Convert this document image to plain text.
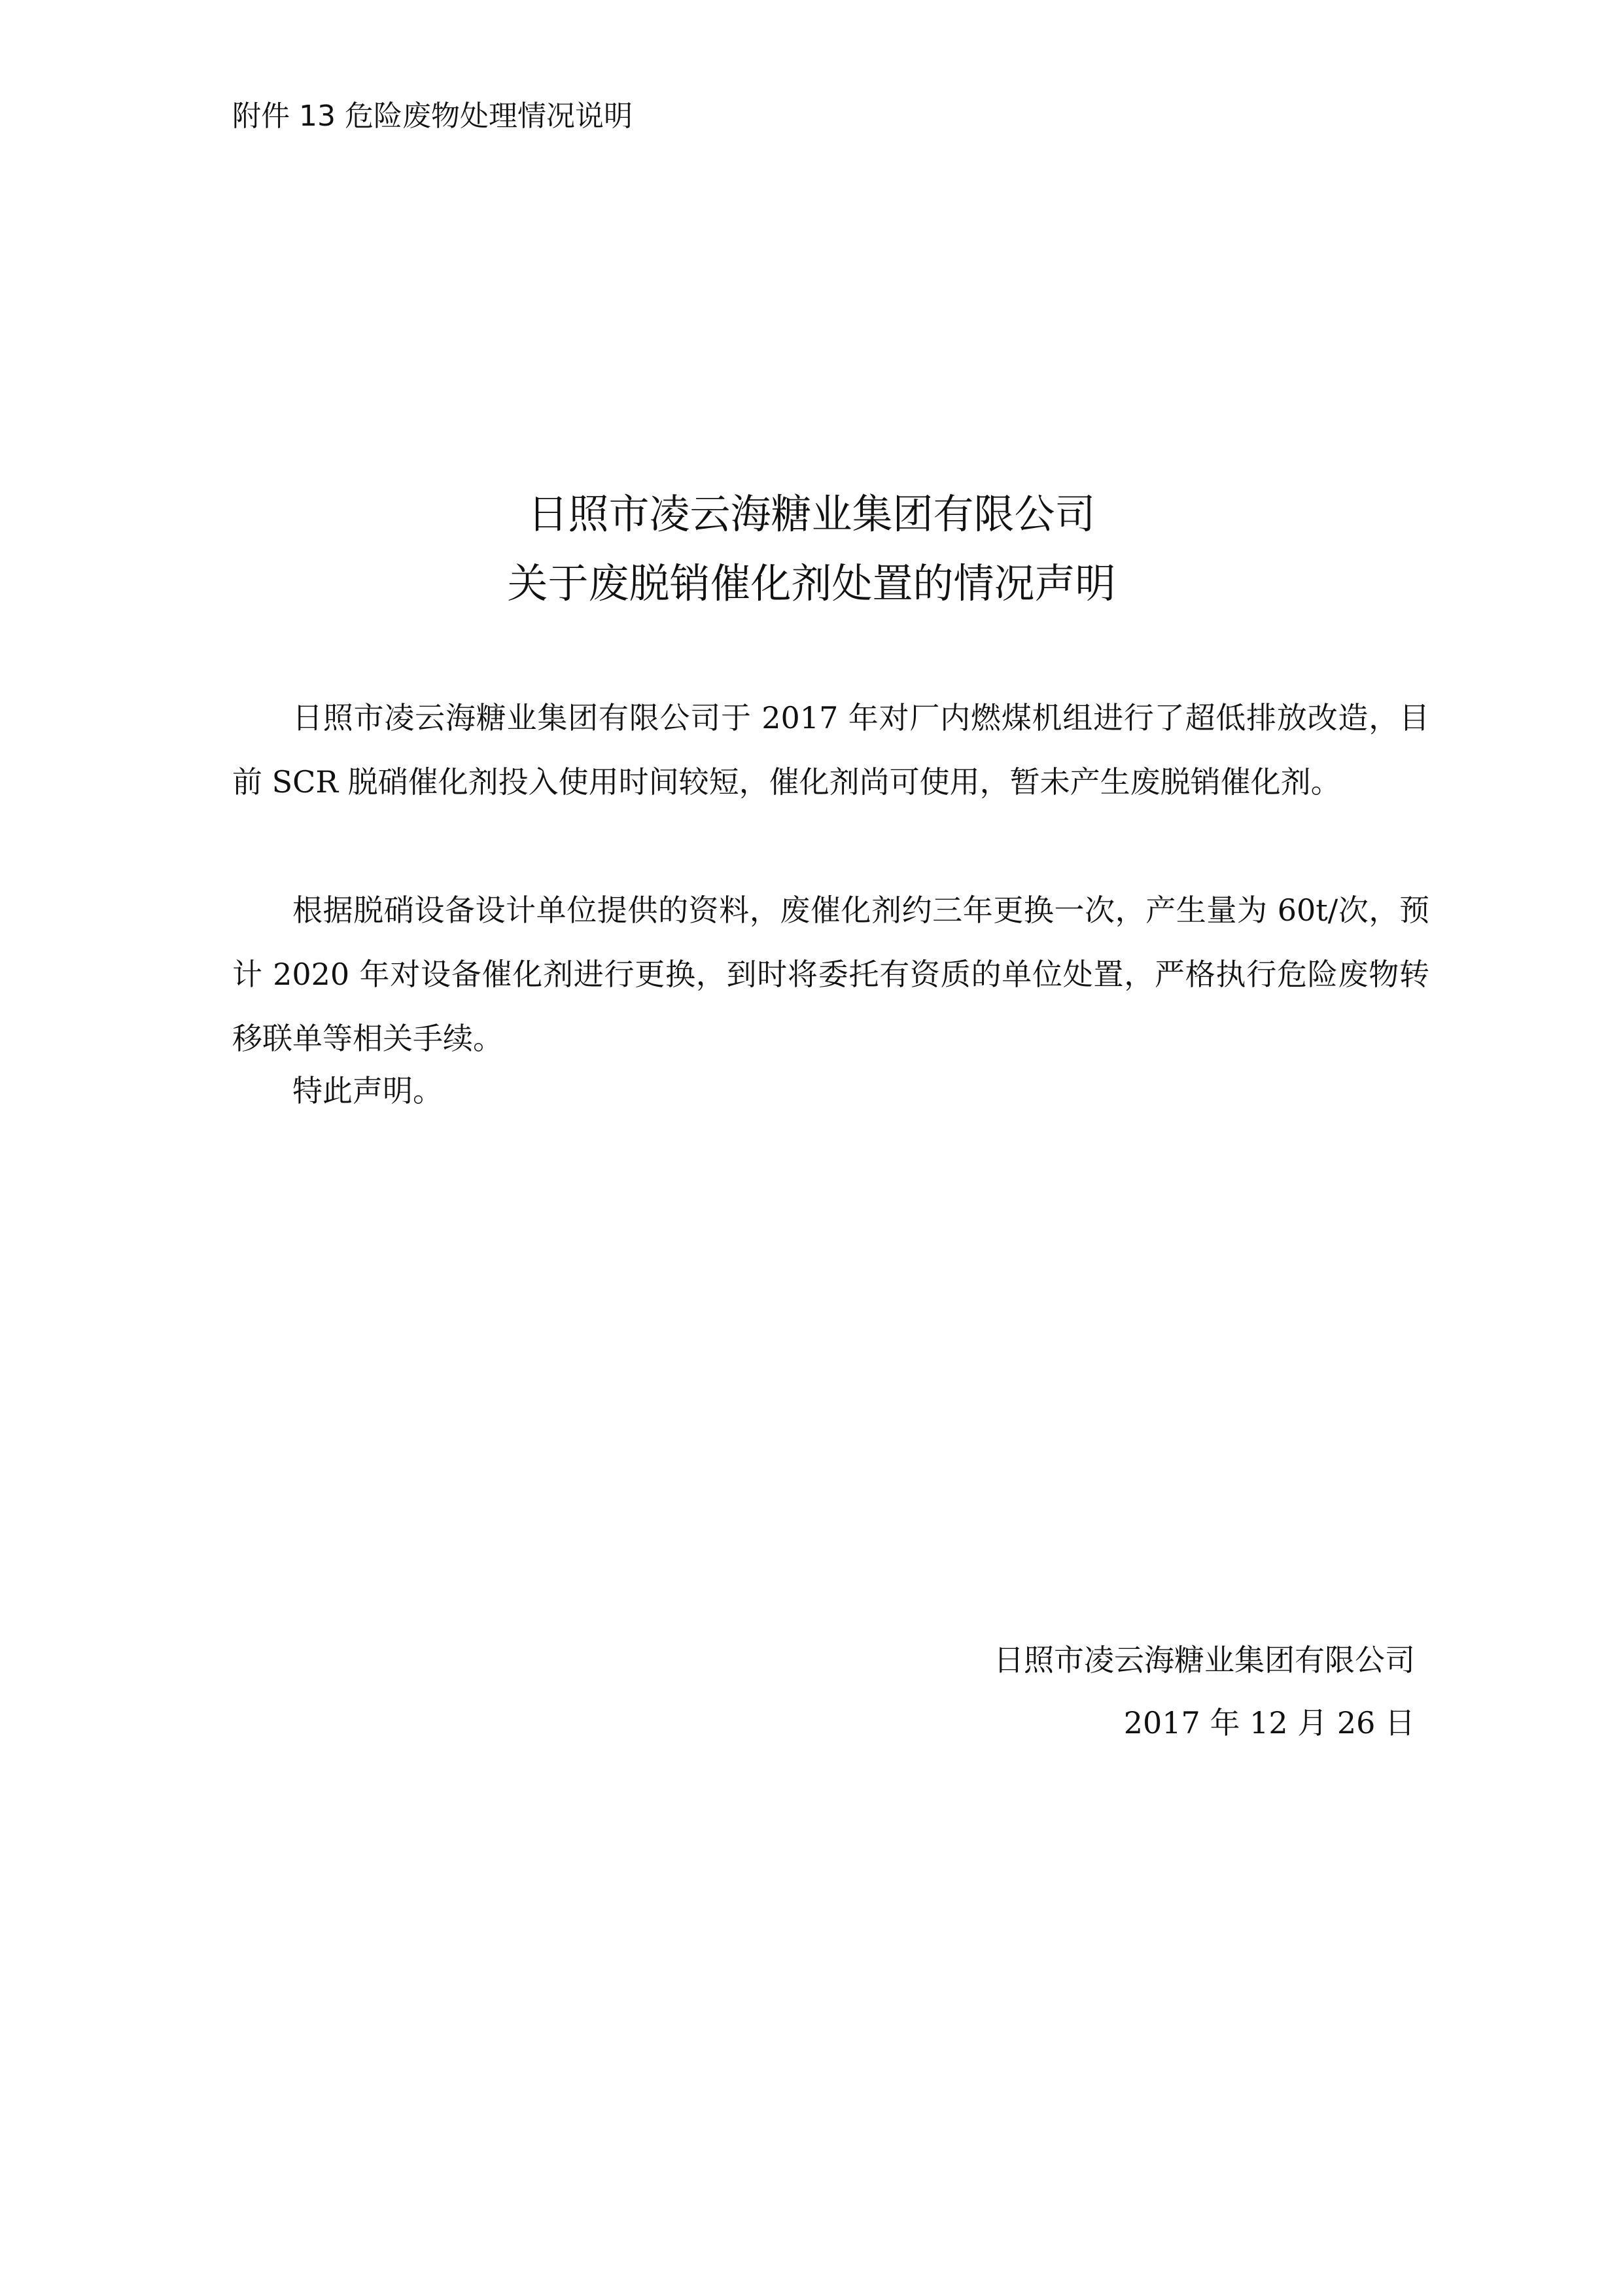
附件 13 危险废物处理情况说明
日照市凌云海糖业集团有限公司
关于废脱销催化剂处置的情况声明

日照市凌云海糖业集团有限公司于 2017 年对厂内燃煤机组进行了超低排放改造，目前 SCR 脱硝催化剂投入使用时间较短，催化剂尚可使用，暂未产生废脱销催化剂。

根据脱硝设备设计单位提供的资料，废催化剂约三年更换一次，产生量为 60t/次，预计 2020 年对设备催化剂进行更换，到时将委托有资质的单位处置，严格执行危险废物转移联单等相关手续。

特此声明。
日照市凌云海糖业集团有限公司
2017 年 12 月 26 日
